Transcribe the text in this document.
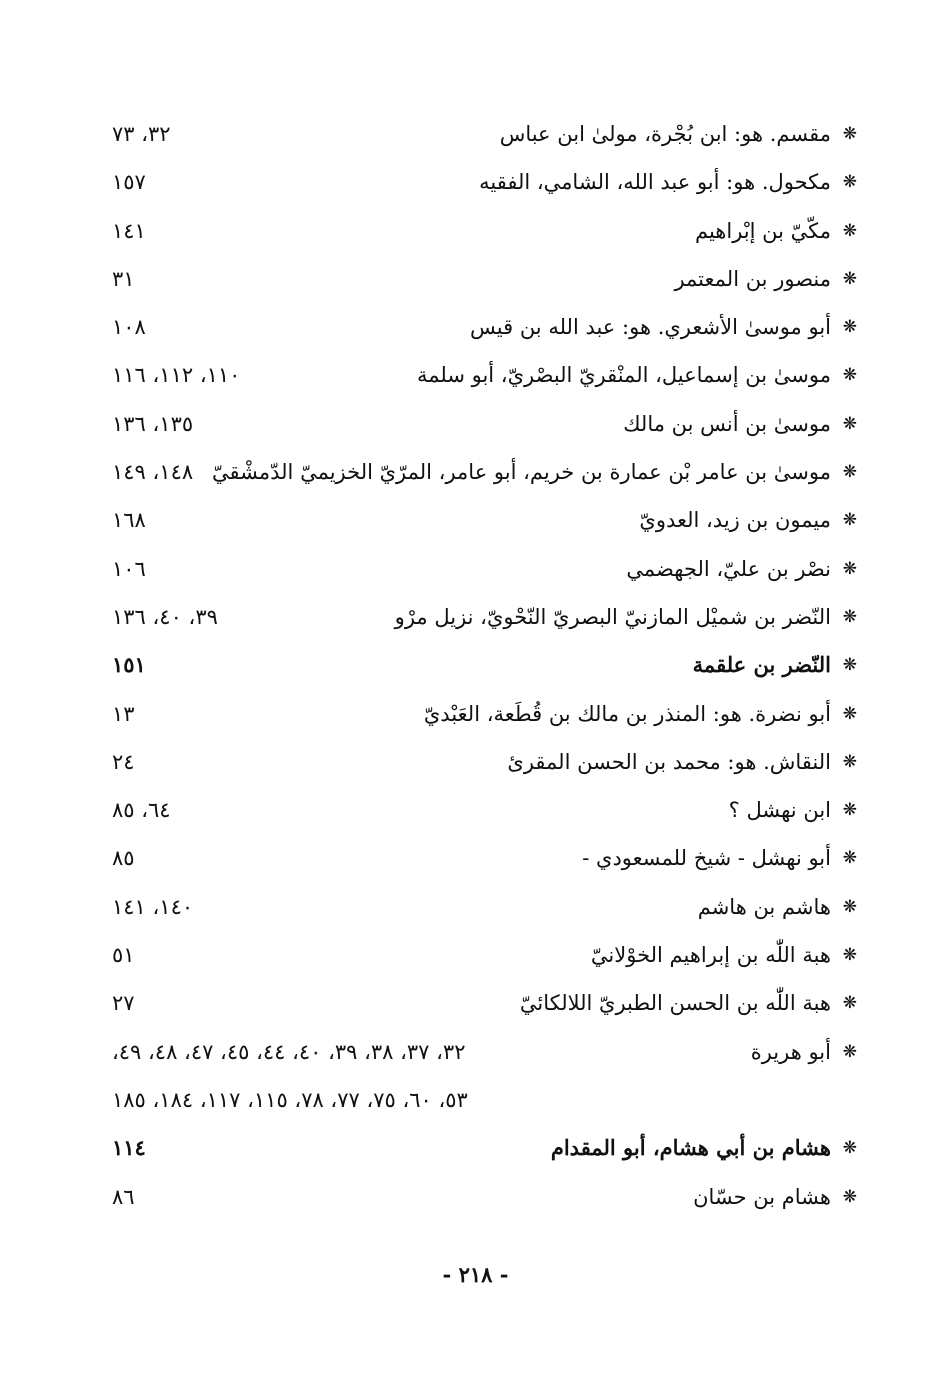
❋
مقسم. هو: ابن بُجْرة، مولىٰ ابن عباس
٣٢، ٧٣
❋
مكحول. هو: أبو عبد الله، الشامي، الفقيه
١٥٧
❋
مكّيّ بن إبْراهيم
١٤١
❋
منصور بن المعتمر
٣١
❋
أبو موسىٰ الأشعري. هو: عبد الله بن قيس
١٠٨
❋
موسىٰ بن إسماعيل، المنْقريّ البصْريّ، أبو سلمة
١١٠، ١١٢، ١١٦
❋
موسىٰ بن أنس بن مالك
١٣٥، ١٣٦
❋
موسىٰ بن عامر بْن عمارة بن خريم، أبو عامر، المرّيّ الخزيميّ الدّمشْقيّ
١٤٨، ١٤٩
❋
ميمون بن زيد، العدويّ
١٦٨
❋
نصْر بن عليّ، الجهضمي
١٠٦
❋
النّضر بن شميْل المازنيّ البصريّ النّحْويّ، نزيل مرْو
٣٩، ٤٠، ١٣٦
❋
النّضر بن علقمة
١٥١
❋
أبو نضرة. هو: المنذر بن مالك بن قُطَعة، العَبْديّ
١٣
❋
النقاش. هو: محمد بن الحسن المقرئ
٢٤
❋
ابن نهشل ؟
٦٤، ٨٥
❋
أبو نهشل - شيخ للمسعودي -
٨٥
❋
هاشم بن هاشم
١٤٠، ١٤١
❋
هبة اللّٰه بن إبراهيم الخوْلانيّ
٥١
❋
هبة اللّٰه بن الحسن الطبريّ اللالكائيّ
٢٧
❋
أبو هريرة
٣٢، ٣٧، ٣٨، ٣٩، ٤٠، ٤٤، ٤٥، ٤٧، ٤٨، ٤٩،
٥٣، ٦٠، ٧٥، ٧٧، ٧٨، ١١٥، ١١٧، ١٨٤، ١٨٥
❋
هشام بن أبي هشام، أبو المقدام
١١٤
❋
هشام بن حسّان
٨٦
- ٢١٨ -
